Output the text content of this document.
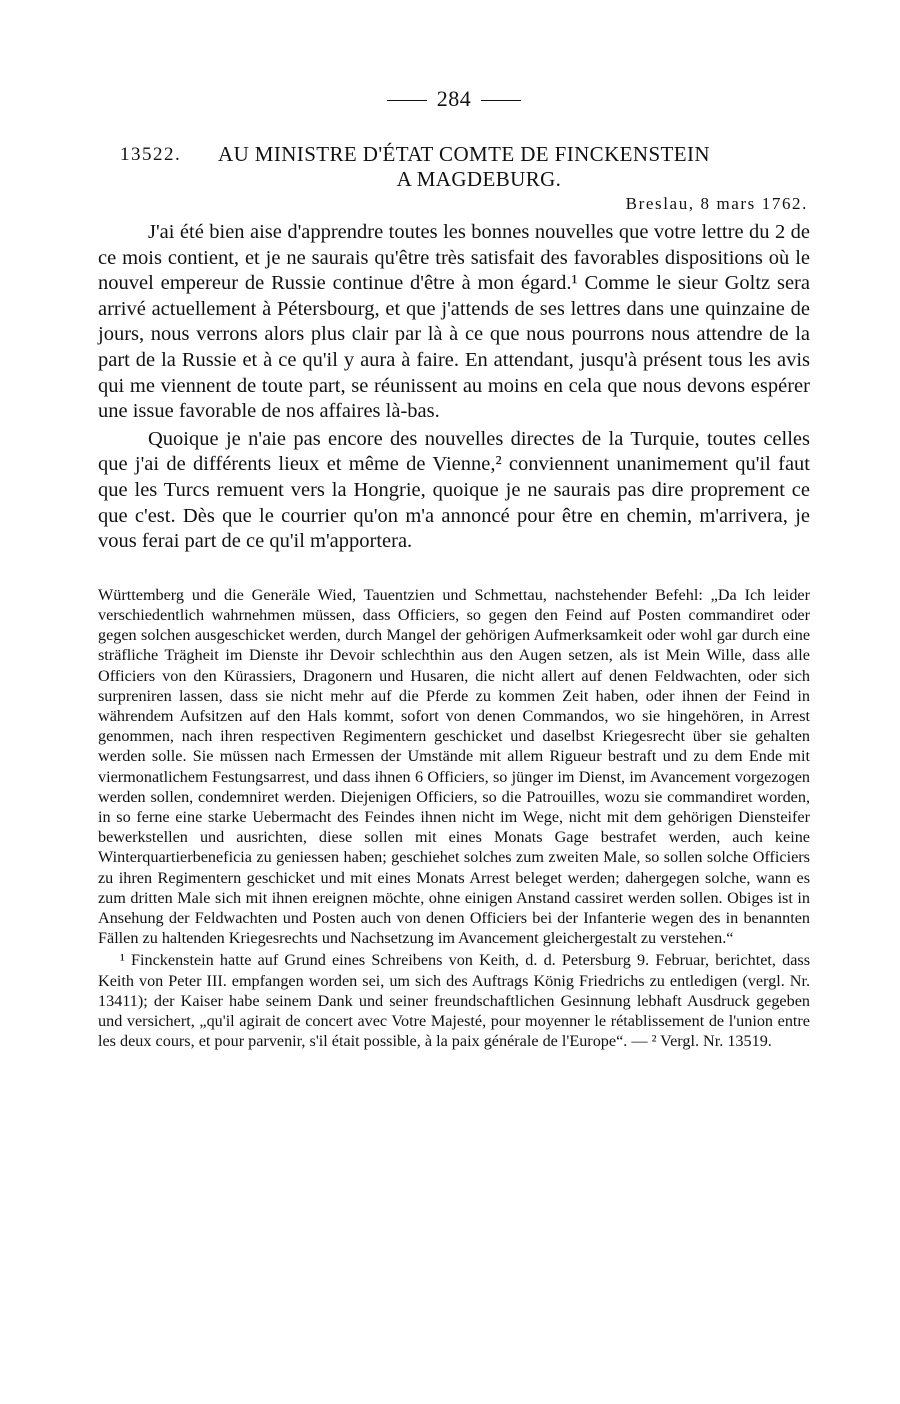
284
13522.	AU MINISTRE D'ÉTAT COMTE DE FINCKENSTEIN
A MAGDEBURG.
Breslau, 8 mars 1762.

J'ai été bien aise d'apprendre toutes les bonnes nouvelles que votre lettre du 2 de ce mois contient, et je ne saurais qu'être très satisfait des favorables dispositions où le nouvel empereur de Russie continue d'être à mon égard.¹ Comme le sieur Goltz sera arrivé actuellement à Pétersbourg, et que j'attends de ses lettres dans une quinzaine de jours, nous verrons alors plus clair par là à ce que nous pourrons nous attendre de la part de la Russie et à ce qu'il y aura à faire. En attendant, jusqu'à présent tous les avis qui me viennent de toute part, se réunissent au moins en cela que nous devons espérer une issue favorable de nos affaires là-bas.

Quoique je n'aie pas encore des nouvelles directes de la Turquie, toutes celles que j'ai de différents lieux et même de Vienne,² conviennent unanimement qu'il faut que les Turcs remuent vers la Hongrie, quoique je ne saurais pas dire proprement ce que c'est. Dès que le courrier qu'on m'a annoncé pour être en chemin, m'arrivera, je vous ferai part de ce qu'il m'apportera.

Württemberg und die Generäle Wied, Tauentzien und Schmettau, nachstehender Befehl: „Da Ich leider verschiedentlich wahrnehmen müssen, dass Officiers, so gegen den Feind auf Posten commandiret oder gegen solchen ausgeschicket werden, durch Mangel der gehörigen Aufmerksamkeit oder wohl gar durch eine sträfliche Trägheit im Dienste ihr Devoir schlechthin aus den Augen setzen, als ist Mein Wille, dass alle Officiers von den Kürassiers, Dragonern und Husaren, die nicht allert auf denen Feldwachten, oder sich surpreniren lassen, dass sie nicht mehr auf die Pferde zu kommen Zeit haben, oder ihnen der Feind in währendem Aufsitzen auf den Hals kommt, sofort von denen Commandos, wo sie hingehören, in Arrest genommen, nach ihren respectiven Regimentern geschicket und daselbst Kriegesrecht über sie gehalten werden solle. Sie müssen nach Ermessen der Umstände mit allem Rigueur bestraft und zu dem Ende mit viermonatlichem Festungsarrest, und dass ihnen 6 Officiers, so jünger im Dienst, im Avancement vorgezogen werden sollen, condemniret werden. Diejenigen Officiers, so die Patrouilles, wozu sie commandiret worden, in so ferne eine starke Uebermacht des Feindes ihnen nicht im Wege, nicht mit dem gehörigen Diensteifer bewerkstellen und ausrichten, diese sollen mit eines Monats Gage bestrafet werden, auch keine Winterquartierbeneficia zu geniessen haben; geschiehet solches zum zweiten Male, so sollen solche Officiers zu ihren Regimentern geschicket und mit eines Monats Arrest beleget werden; dahergegen solche, wann es zum dritten Male sich mit ihnen ereignen möchte, ohne einigen Anstand cassiret werden sollen. Obiges ist in Ansehung der Feldwachten und Posten auch von denen Officiers bei der Infanterie wegen des in benannten Fällen zu haltenden Kriegesrechts und Nachsetzung im Avancement gleichergestalt zu verstehen.“

¹ Finckenstein hatte auf Grund eines Schreibens von Keith, d. d. Petersburg 9. Februar, berichtet, dass Keith von Peter III. empfangen worden sei, um sich des Auftrags König Friedrichs zu entledigen (vergl. Nr. 13411); der Kaiser habe seinem Dank und seiner freundschaftlichen Gesinnung lebhaft Ausdruck gegeben und versichert, „qu'il agirait de concert avec Votre Majesté, pour moyenner le rétablissement de l'union entre les deux cours, et pour parvenir, s'il était possible, à la paix générale de l'Europe“. — ² Vergl. Nr. 13519.
